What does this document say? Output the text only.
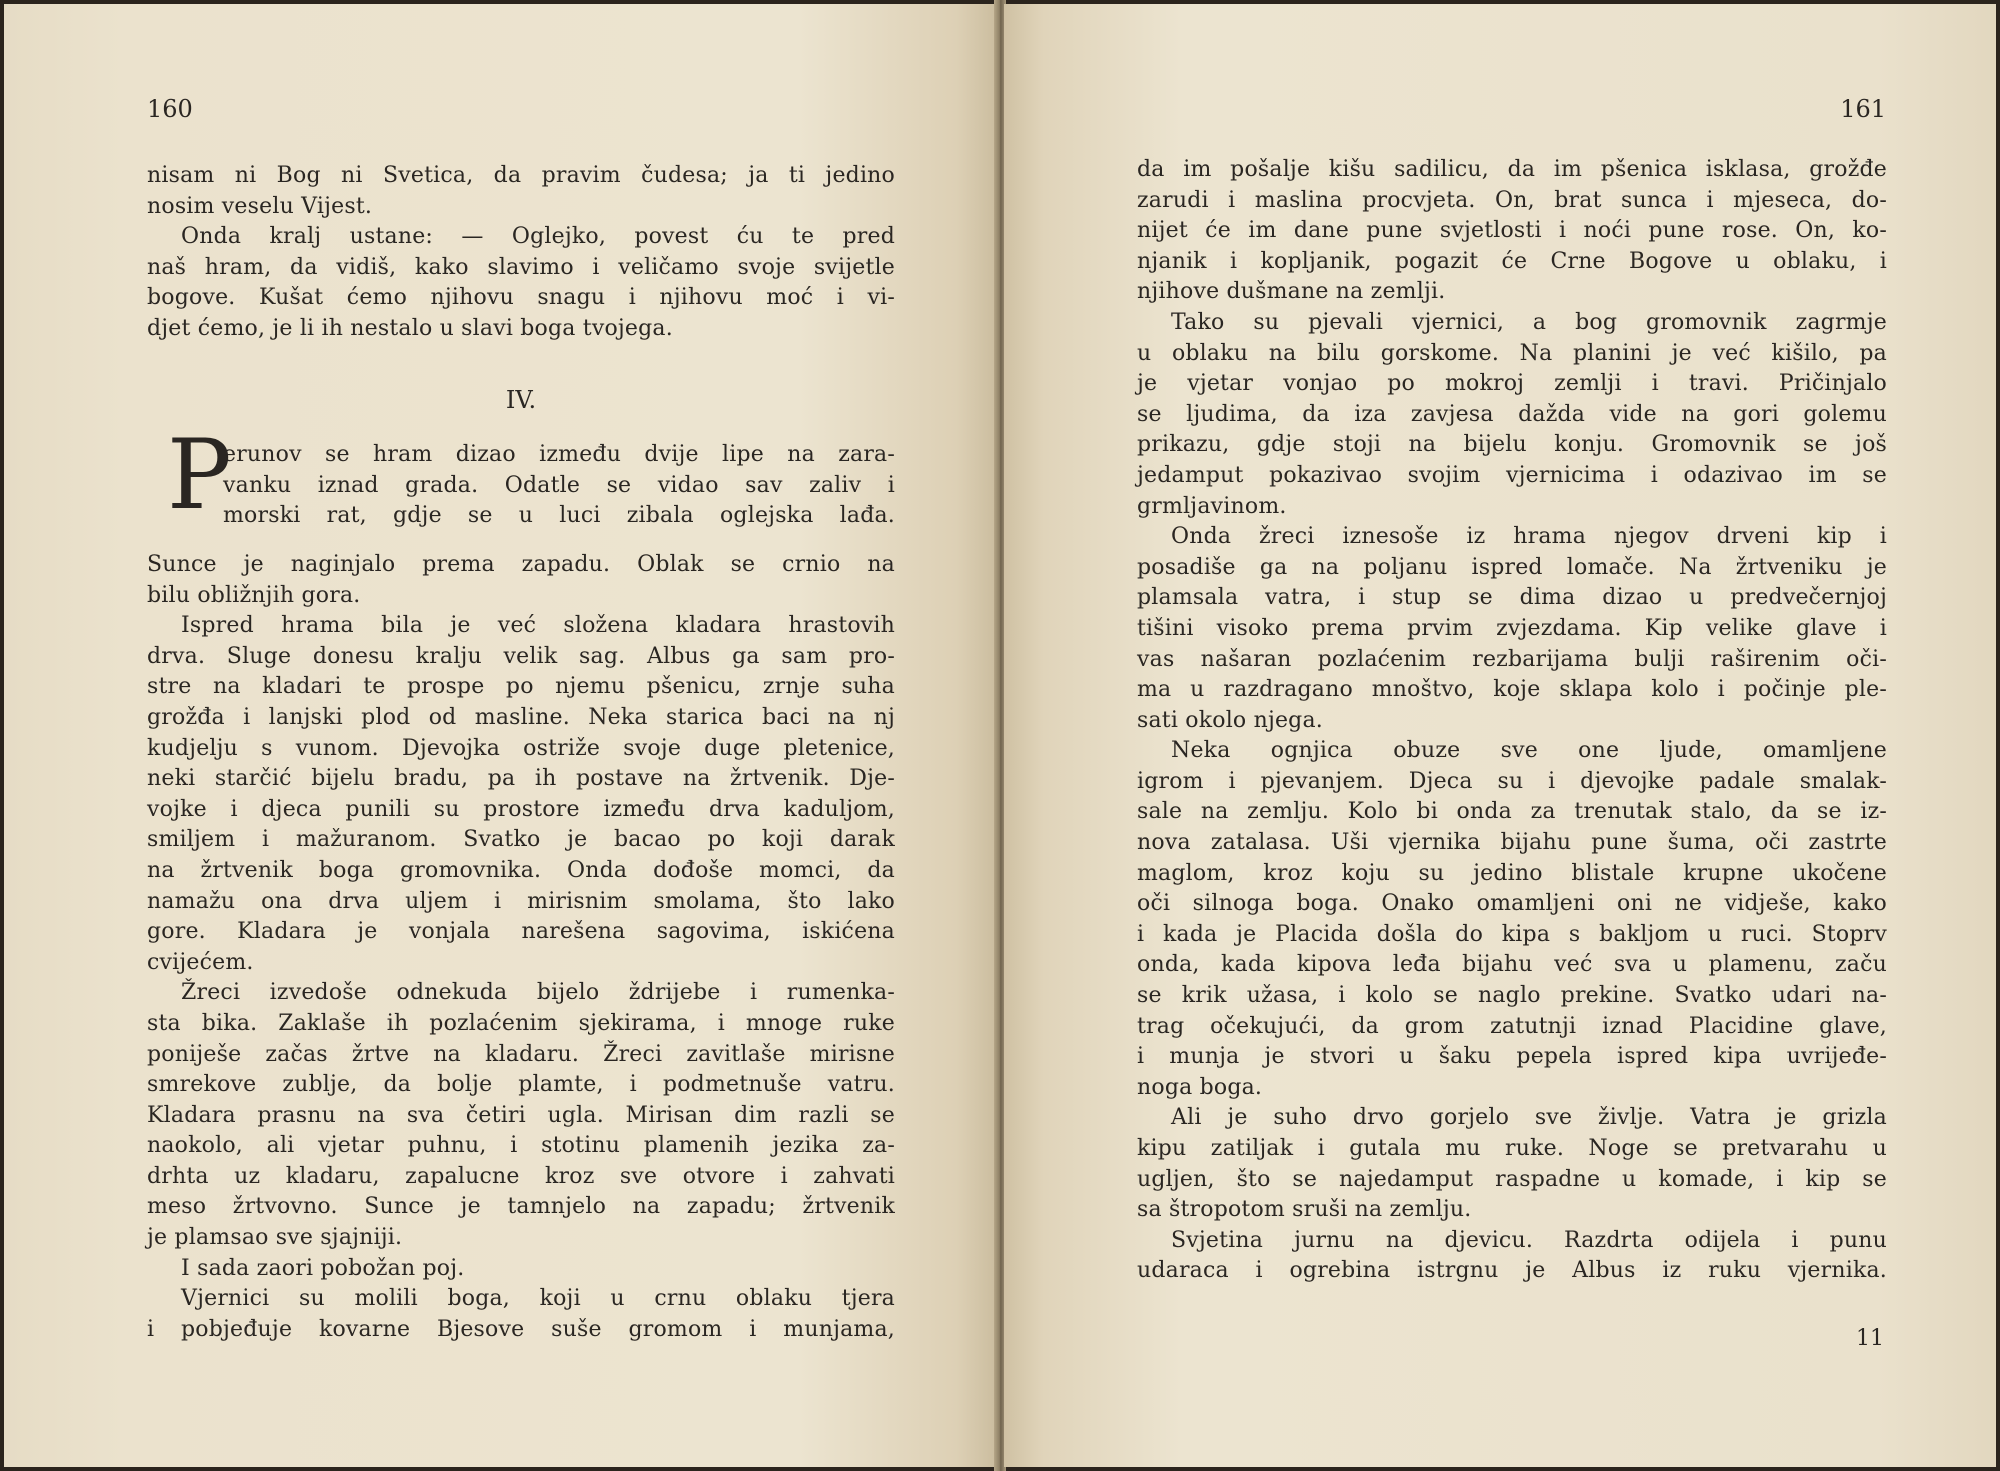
160
nisam ni Bog ni Svetica, da pravim čudesa; ja ti jedino
nosim veselu Vijest.
Onda kralj ustane: — Oglejko, povest ću te pred
naš hram, da vidiš, kako slavimo i veličamo svoje svijetle
bogove. Kušat ćemo njihovu snagu i njihovu moć i vi-
djet ćemo, je li ih nestalo u slavi boga tvojega.
IV.
P
erunov se hram dizao između dvije lipe na zara-
vanku iznad grada. Odatle se vidao sav zaliv i
morski rat, gdje se u luci zibala oglejska lađa.
Sunce je naginjalo prema zapadu. Oblak se crnio na
bilu obližnjih gora.
Ispred hrama bila je već složena kladara hrastovih
drva. Sluge donesu kralju velik sag. Albus ga sam pro-
stre na kladari te prospe po njemu pšenicu, zrnje suha
grožđa i lanjski plod od masline. Neka starica baci na nj
kudjelju s vunom. Djevojka ostriže svoje duge pletenice,
neki starčić bijelu bradu, pa ih postave na žrtvenik. Dje-
vojke i djeca punili su prostore između drva kaduljom,
smiljem i mažuranom. Svatko je bacao po koji darak
na žrtvenik boga gromovnika. Onda dođoše momci, da
namažu ona drva uljem i mirisnim smolama, što lako
gore. Kladara je vonjala narešena sagovima, iskićena
cvijećem.
Žreci izvedoše odnekuda bijelo ždrijebe i rumenka-
sta bika. Zaklaše ih pozlaćenim sjekirama, i mnoge ruke
poniješe začas žrtve na kladaru. Žreci zavitlaše mirisne
smrekove zublje, da bolje plamte, i podmetnuše vatru.
Kladara prasnu na sva četiri ugla. Mirisan dim razli se
naokolo, ali vjetar puhnu, i stotinu plamenih jezika za-
drhta uz kladaru, zapalucne kroz sve otvore i zahvati
meso žrtvovno. Sunce je tamnjelo na zapadu; žrtvenik
je plamsao sve sjajniji.
I sada zaori pobožan poj.
Vjernici su molili boga, koji u crnu oblaku tjera
i pobjeđuje kovarne Bjesove suše gromom i munjama,
161
da im pošalje kišu sadilicu, da im pšenica isklasa, grožđe
zarudi i maslina procvjeta. On, brat sunca i mjeseca, do-
nijet će im dane pune svjetlosti i noći pune rose. On, ko-
njanik i kopljanik, pogazit će Crne Bogove u oblaku, i
njihove dušmane na zemlji.
Tako su pjevali vjernici, a bog gromovnik zagrmje
u oblaku na bilu gorskome. Na planini je već kišilo, pa
je vjetar vonjao po mokroj zemlji i travi. Pričinjalo
se ljudima, da iza zavjesa dažda vide na gori golemu
prikazu, gdje stoji na bijelu konju. Gromovnik se još
jedamput pokazivao svojim vjernicima i odazivao im se
grmljavinom.
Onda žreci iznesoše iz hrama njegov drveni kip i
posadiše ga na poljanu ispred lomače. Na žrtveniku je
plamsala vatra, i stup se dima dizao u predvečernjoj
tišini visoko prema prvim zvjezdama. Kip velike glave i
vas našaran pozlaćenim rezbarijama bulji raširenim oči-
ma u razdragano mnoštvo, koje sklapa kolo i počinje ple-
sati okolo njega.
Neka ognjica obuze sve one ljude, omamljene
igrom i pjevanjem. Djeca su i djevojke padale smalak-
sale na zemlju. Kolo bi onda za trenutak stalo, da se iz-
nova zatalasa. Uši vjernika bijahu pune šuma, oči zastrte
maglom, kroz koju su jedino blistale krupne ukočene
oči silnoga boga. Onako omamljeni oni ne vidješe, kako
i kada je Placida došla do kipa s bakljom u ruci. Stoprv
onda, kada kipova leđa bijahu već sva u plamenu, začu
se krik užasa, i kolo se naglo prekine. Svatko udari na-
trag očekujući, da grom zatutnji iznad Placidine glave,
i munja je stvori u šaku pepela ispred kipa uvrijeđe-
noga boga.
Ali je suho drvo gorjelo sve življe. Vatra je grizla
kipu zatiljak i gutala mu ruke. Noge se pretvarahu u
ugljen, što se najedamput raspadne u komade, i kip se
sa štropotom sruši na zemlju.
Svjetina jurnu na djevicu. Razdrta odijela i punu
udaraca i ogrebina istrgnu je Albus iz ruku vjernika.
11
